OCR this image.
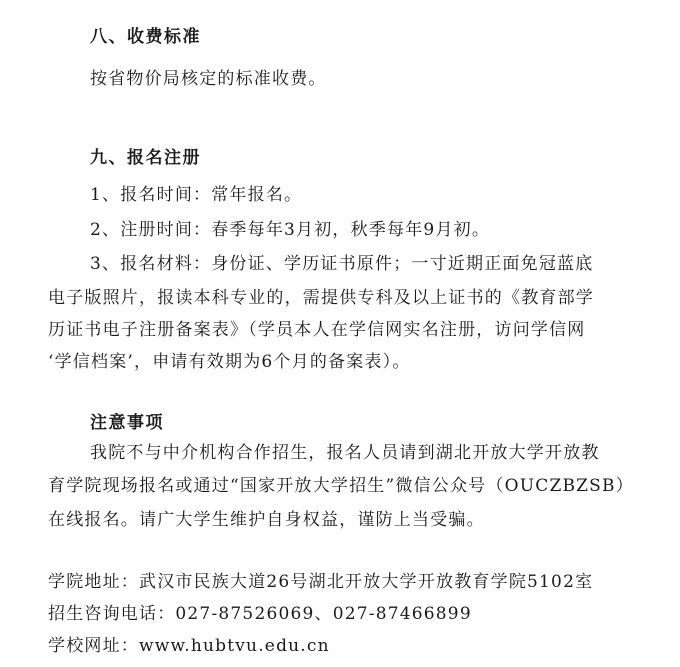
八、收费标准
按省物价局核定的标准收费。
九、报名注册
1、报名时间：常年报名。
2、注册时间：春季每年3月初，秋季每年9月初。
3、报名材料：身份证、学历证书原件；一寸近期正面免冠蓝底
电子版照片，报读本科专业的，需提供专科及以上证书的《教育部学
历证书电子注册备案表》（学员本人在学信网实名注册，访问学信网
‘学信档案’，申请有效期为6个月的备案表）。
注意事项
我院不与中介机构合作招生，报名人员请到湖北开放大学开放教
育学院现场报名或通过“国家开放大学招生”微信公众号（OUCZBZSB）
在线报名。请广大学生维护自身权益，谨防上当受骗。
学院地址：武汉市民族大道26号湖北开放大学开放教育学院5102室
招生咨询电话：027-87526069、027-87466899
学校网址：www.hubtvu.edu.cn
